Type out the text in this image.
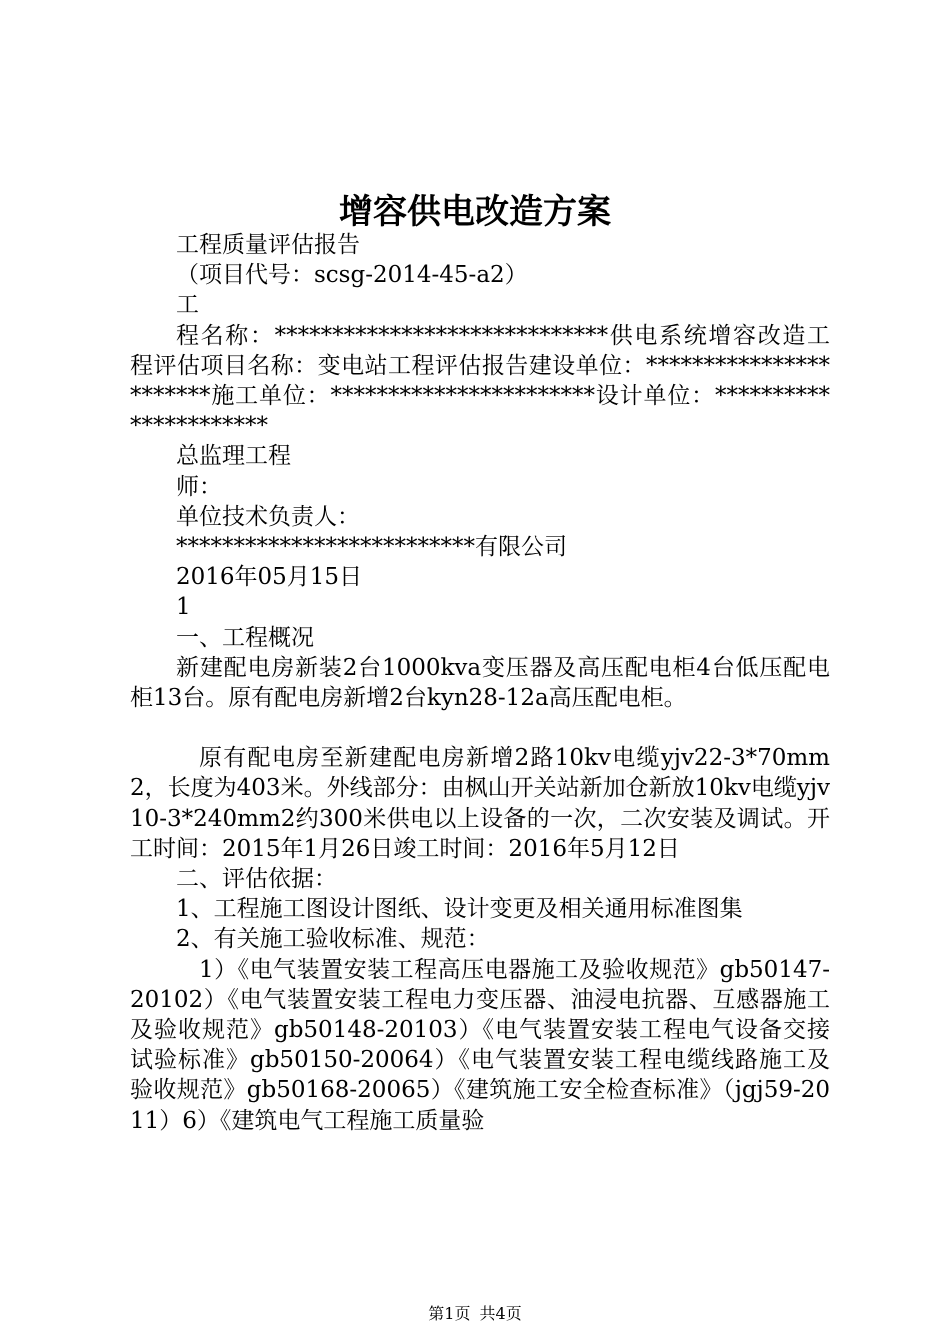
增容供电改造方案

工程质量评估报告

（项目代号：scsg-2014-45-a2）

工

程名称：*****************************供电系统增容改造工程评估项目名称：变电站工程评估报告建设单位：***********************施工单位：***********************设计单位：**********************

总监理工程

师：

单位技术负责人：

**************************有限公司

2016年05月15日

1

一、工程概况

新建配电房新装2台1000kva变压器及高压配电柜4台低压配电柜13台。原有配电房新增2台kyn28-12a高压配电柜。

原有配电房至新建配电房新增2路10kv电缆yjv22-3*70mm2，长度为403米。外线部分：由枫山开关站新加仓新放10kv电缆yjv10-3*240mm2约300米供电以上设备的一次，二次安装及调试。开工时间：2015年1月26日竣工时间：2016年5月12日

二、评估依据：

1、工程施工图设计图纸、设计变更及相关通用标准图集

2、有关施工验收标准、规范：

1）《电气装置安装工程高压电器施工及验收规范》gb50147-20102）《电气装置安装工程电力变压器、油浸电抗器、互感器施工及验收规范》gb50148-20103）《电气装置安装工程电气设备交接试验标准》gb50150-20064）《电气装置安装工程电缆线路施工及验收规范》gb50168-20065）《建筑施工安全检查标准》（jgj59-2011）6）《建筑电气工程施工质量验

第1页 共4页
